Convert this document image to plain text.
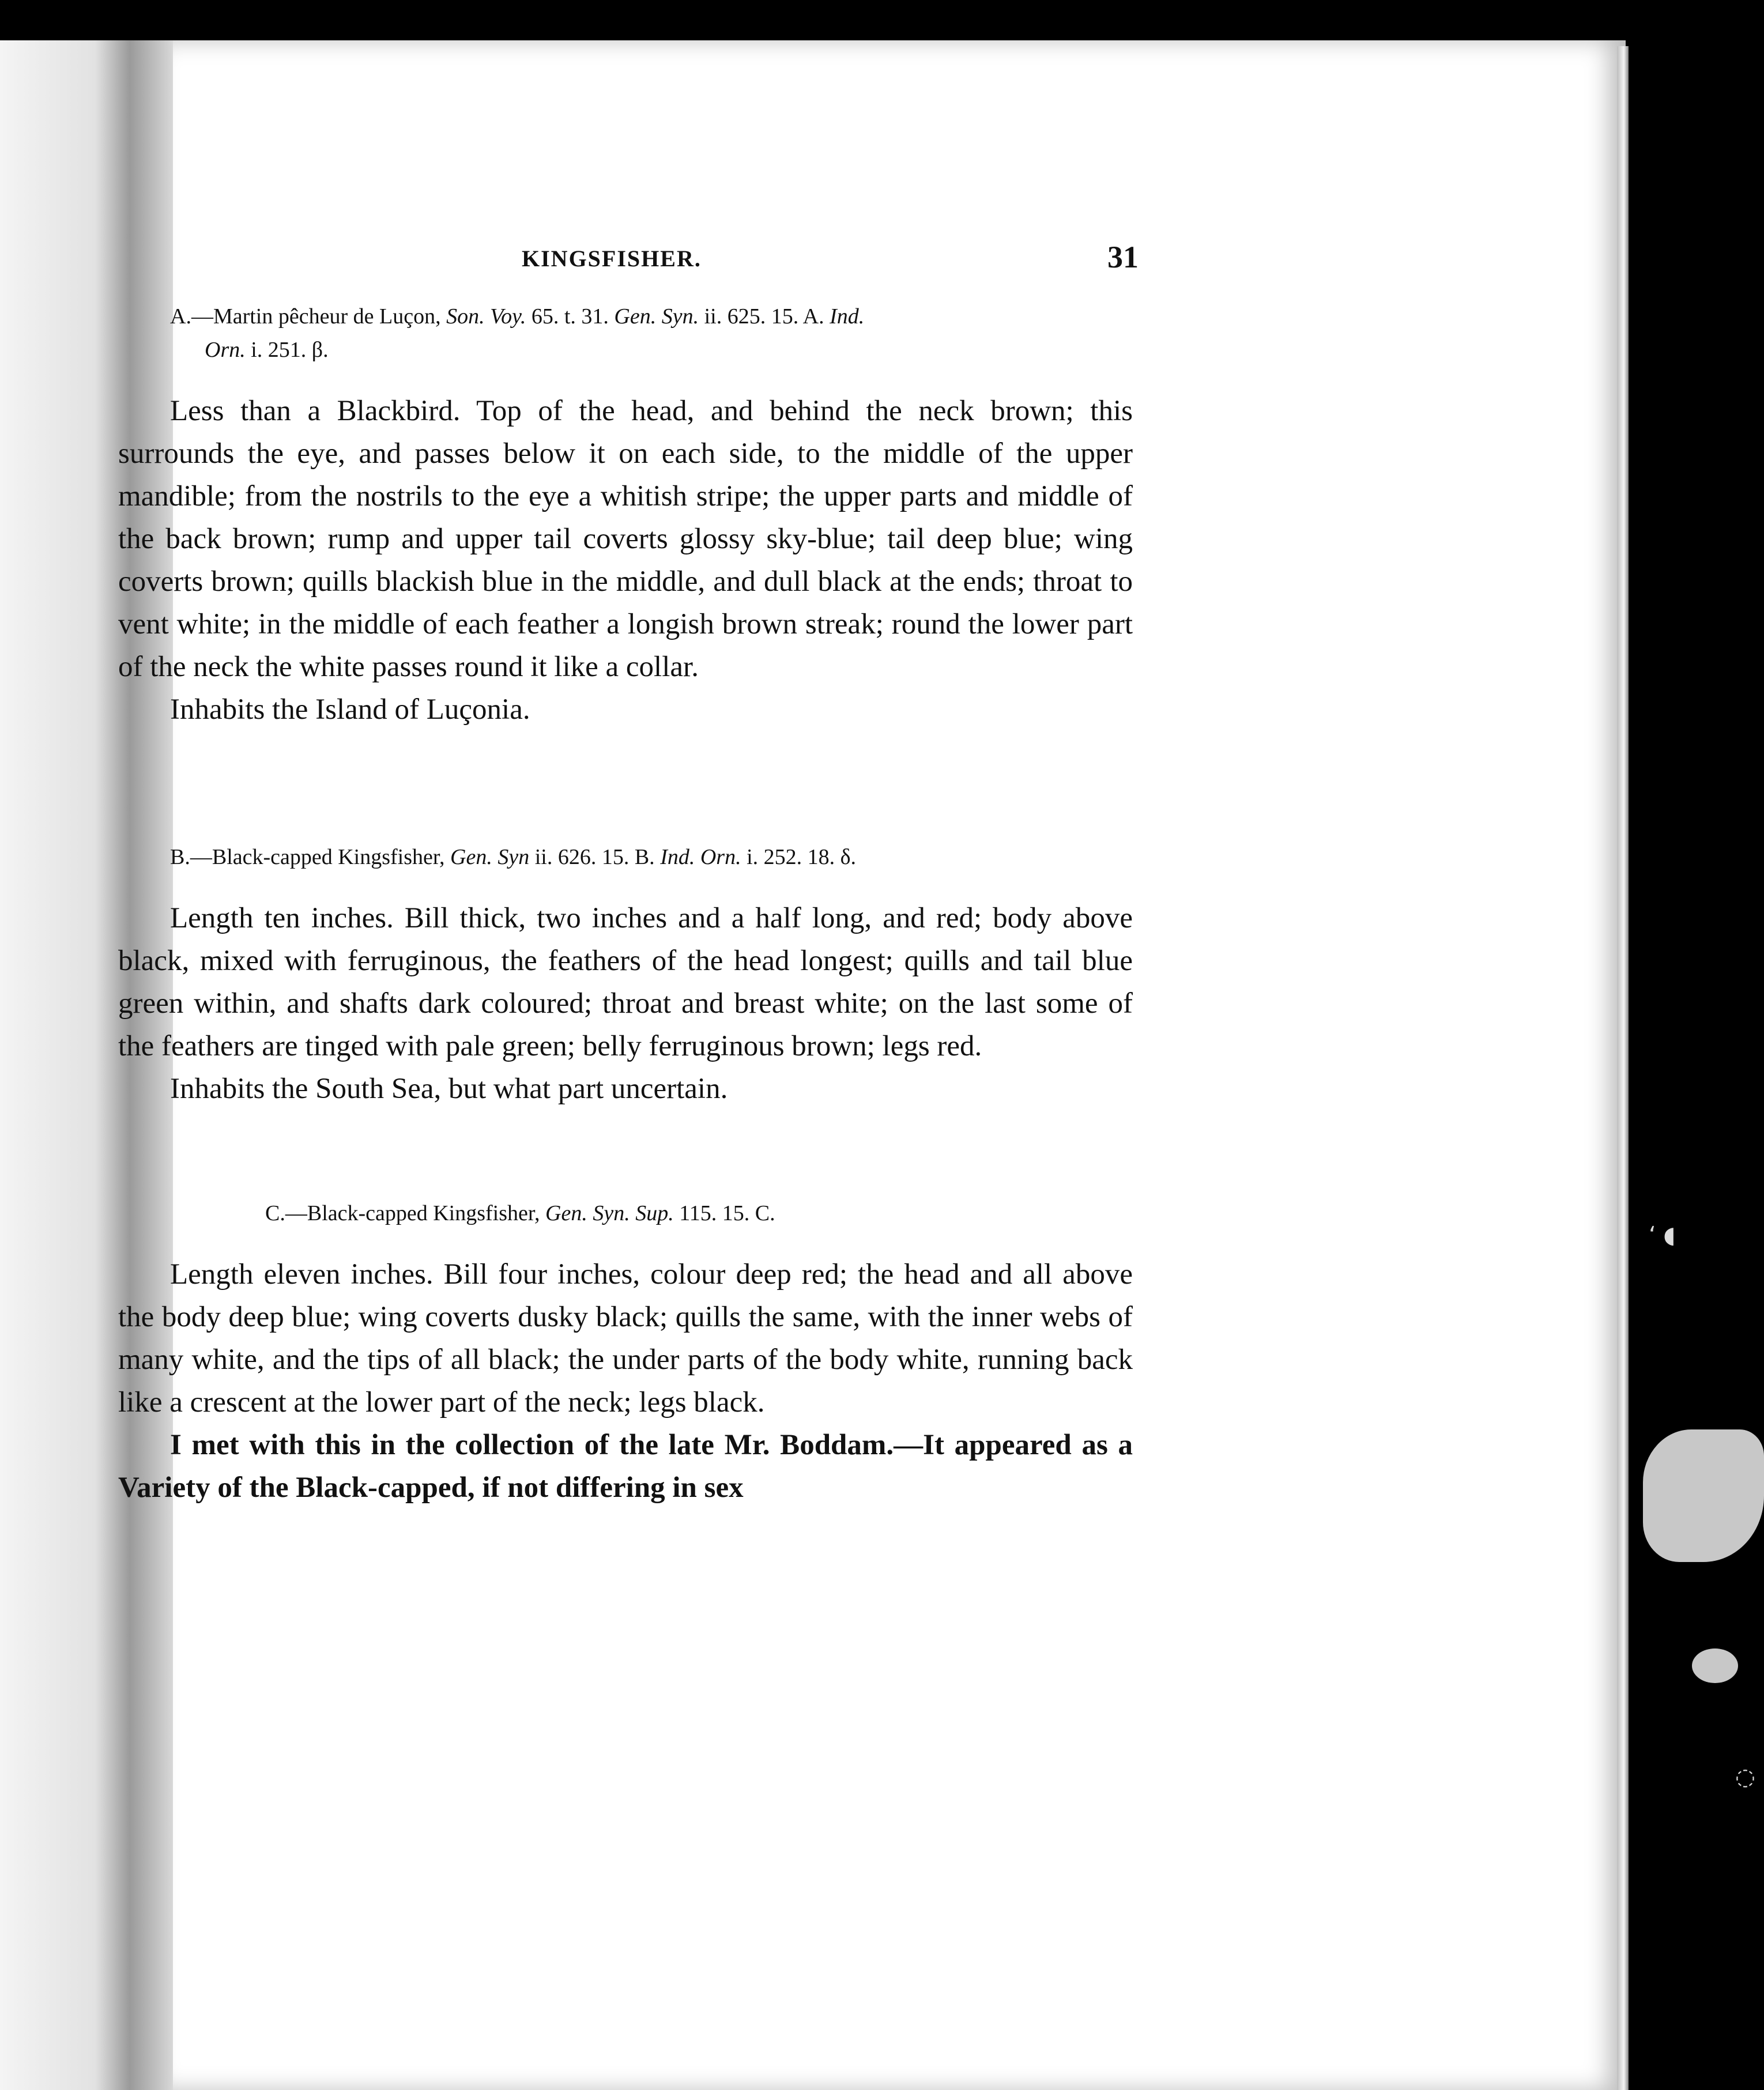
ʻ ◖
◌
KINGSFISHER.	31

A.—Martin pêcheur de Luçon, Son. Voy. 65. t. 31. Gen. Syn. ii. 625. 15. A. Ind.
Orn. i. 251. β.

Less than a Blackbird. Top of the head, and behind the neck brown; this surrounds the eye, and passes below it on each side, to the middle of the upper mandible; from the nostrils to the eye a whitish stripe; the upper parts and middle of the back brown; rump and upper tail coverts glossy sky-blue; tail deep blue; wing coverts brown; quills blackish blue in the middle, and dull black at the ends; throat to vent white; in the middle of each feather a longish brown streak; round the lower part of the neck the white passes round it like a collar.

Inhabits the Island of Luçonia.

B.—Black-capped Kingsfisher, Gen. Syn ii. 626. 15. B. Ind. Orn. i. 252. 18. δ.

Length ten inches. Bill thick, two inches and a half long, and red; body above black, mixed with ferruginous, the feathers of the head longest; quills and tail blue green within, and shafts dark coloured; throat and breast white; on the last some of the feathers are tinged with pale green; belly ferruginous brown; legs red.

Inhabits the South Sea, but what part uncertain.

C.—Black-capped Kingsfisher, Gen. Syn. Sup. 115. 15. C.

Length eleven inches. Bill four inches, colour deep red; the head and all above the body deep blue; wing coverts dusky black; quills the same, with the inner webs of many white, and the tips of all black; the under parts of the body white, running back like a crescent at the lower part of the neck; legs black.

I met with this in the collection of the late Mr. Boddam.—It appeared as a Variety of the Black-capped, if not differing in sex
